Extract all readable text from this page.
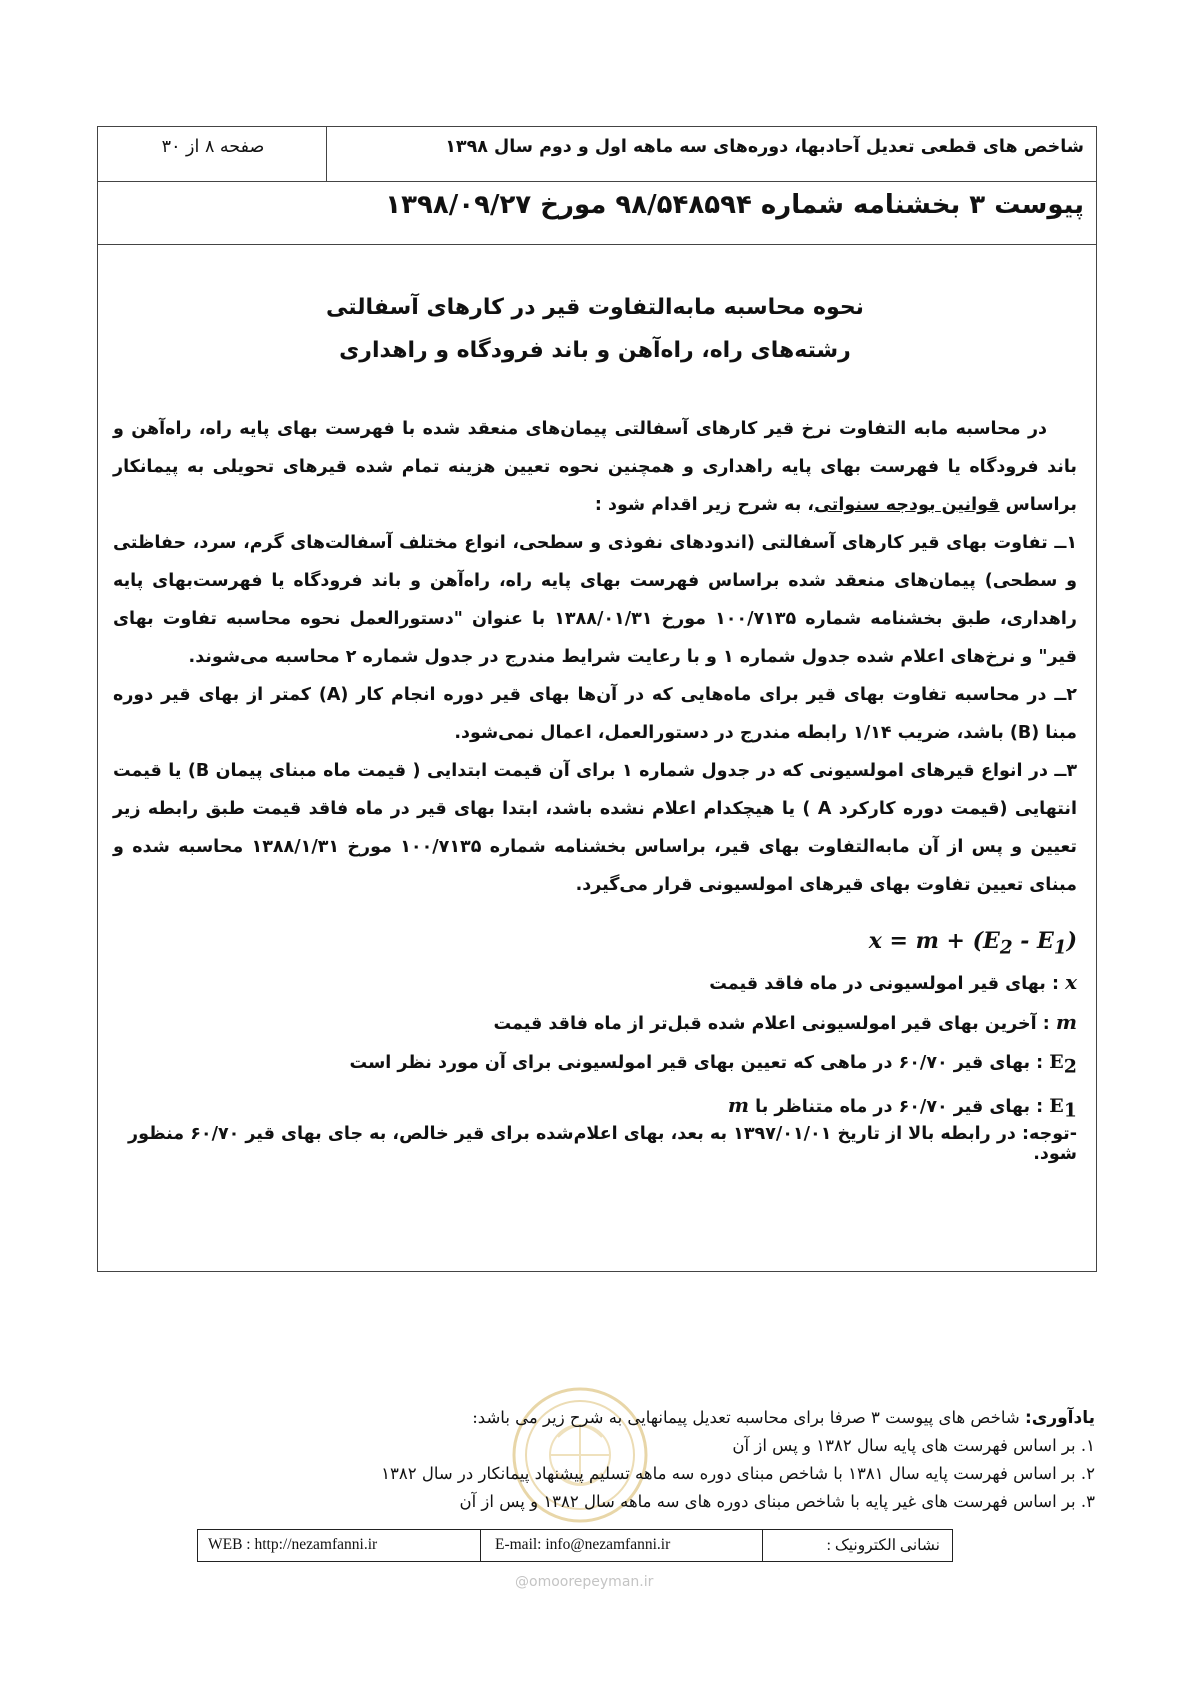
شاخص های قطعی تعدیل آحادبها، دوره‌های سه ماهه اول و دوم سال ۱۳۹۸
صفحه ۸ از ۳۰
پیوست ۳ بخشنامه شماره ۹۸/۵۴۸۵۹۴ مورخ ۱۳۹۸/۰۹/۲۷
نحوه محاسبه مابه‌التفاوت قیر در کارهای آسفالتی
رشته‌های راه، راه‌آهن و باند فرودگاه و راهداری

در محاسبه مابه التفاوت نرخ قیر کارهای آسفالتی پیمان‌های منعقد شده با فهرست بهای پایه راه، راه‌آهن و باند فرودگاه یا فهرست بهای پایه راهداری و همچنین نحوه تعیین هزینه تمام شده قیرهای تحویلی به پیمانکار براساس قوانین بودجه سنواتی، به شرح زیر اقدام شود :

۱ــ تفاوت بهای قیر کارهای آسفالتی (اندودهای نفوذی و سطحی، انواع مختلف آسفالت‌های گرم، سرد، حفاظتی و سطحی) پیمان‌های منعقد شده براساس فهرست بهای پایه راه، راه‌آهن و باند فرودگاه یا فهرست‌بهای پایه راهداری، طبق بخشنامه شماره ۱۰۰/۷۱۳۵ مورخ ۱۳۸۸/۰۱/۳۱ با عنوان "دستورالعمل نحوه محاسبه تفاوت بهای قیر" و نرخ‌های اعلام شده جدول شماره ۱ و با رعایت شرایط مندرج در جدول شماره ۲ محاسبه می‌شوند.

۲ــ در محاسبه تفاوت بهای قیر برای ماه‌هایی که در آن‌ها بهای قیر دوره انجام کار (A) کمتر از بهای قیر دوره مبنا (B) باشد، ضریب ۱/۱۴ رابطه مندرج در دستورالعمل، اعمال نمی‌شود.

۳ــ در انواع قیرهای امولسیونی که در جدول شماره ۱ برای آن قیمت ابتدایی ( قیمت ماه مبنای پیمان B) یا قیمت انتهایی (قیمت دوره کارکرد A ) یا هیچکدام اعلام نشده باشد، ابتدا بهای قیر در ماه فاقد قیمت طبق رابطه زیر تعیین و پس از آن مابه‌التفاوت بهای قیر، براساس بخشنامه شماره ۱۰۰/۷۱۳۵ مورخ ۱۳۸۸/۱/۳۱ محاسبه شده و مبنای تعیین تفاوت بهای قیرهای امولسیونی قرار می‌گیرد.

$x = m + (E_2 - E_1)$

x : بهای قیر امولسیونی در ماه فاقد قیمت

m : آخرین بهای قیر امولسیونی اعلام شده قبل‌تر از ماه فاقد قیمت

$E_2$ : بهای قیر ۶۰/۷۰ در ماهی که تعیین بهای قیر امولسیونی برای آن مورد نظر است

$E_1$ : بهای قیر ۶۰/۷۰ در ماه متناظر با m

-توجه: در رابطه بالا از تاریخ ۱۳۹۷/۰۱/۰۱ به بعد، بهای اعلام‌شده برای قیر خالص، به جای بهای قیر ۶۰/۷۰ منظور شود.

یادآوری: شاخص های پیوست ۳ صرفا برای محاسبه تعدیل پیمانهایی به شرح زیر می باشد:

۱. بر اساس فهرست های پایه سال ۱۳۸۲ و پس از آن

۲. بر اساس فهرست پایه سال ۱۳۸۱ با شاخص مبنای دوره سه ماهه تسلیم پیشنهاد پیمانکار در سال ۱۳۸۲

۳. بر اساس فهرست های غیر پایه با شاخص مبنای دوره های سه ماهه سال ۱۳۸۲ و پس از آن

نشانی الکترونیک :
E-mail: info@nezamfanni.ir
WEB : http://nezamfanni.ir
@omoorepeyman.ir
